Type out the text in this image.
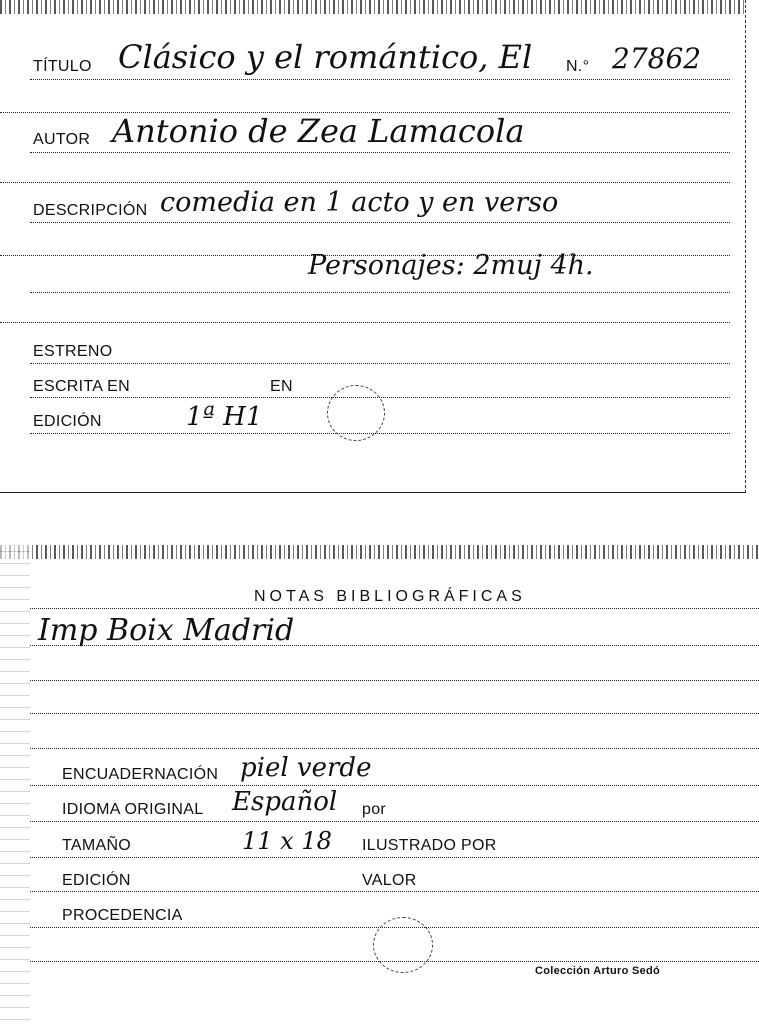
TÍTULO Clásico y el romántico, El N.° 27862
AUTOR Antonio de Zea Lamacola
DESCRIPCIÓN comedia en 1 acto y en verso
Personajes: 2muj 4h.
ESTRENO
ESCRITA EN	EN
EDICIÓN	1ª H1
NOTAS BIBLIOGRÁFICAS
Imp Boix Madrid
ENCUADERNACIÓN piel verde
IDIOMA ORIGINAL Español por
TAMAÑO	11 x 18 ILUSTRADO POR
EDICIÓN	VALOR
PROCEDENCIA
Colección Arturo Sedó
